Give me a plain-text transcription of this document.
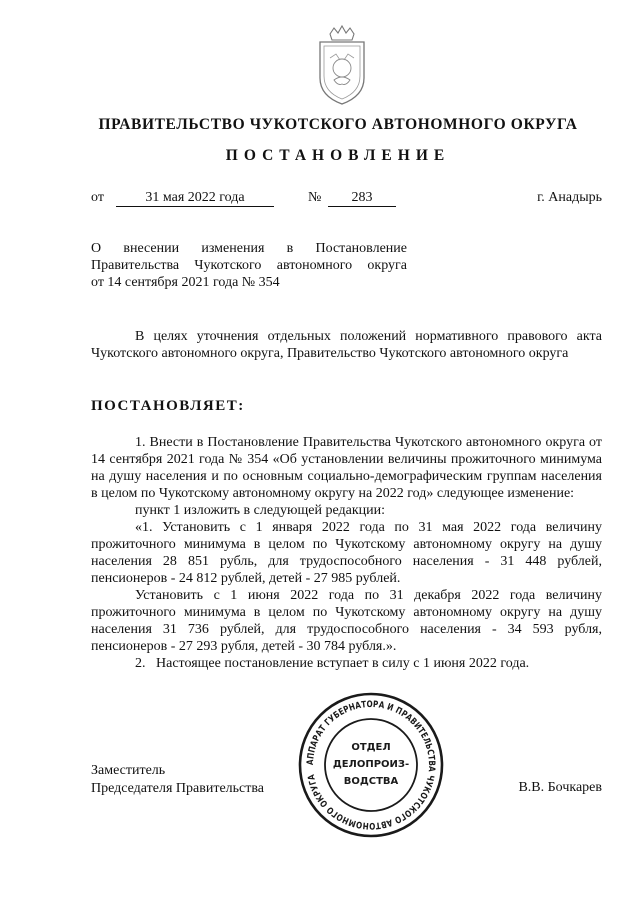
ПРАВИТЕЛЬСТВО ЧУКОТСКОГО АВТОНОМНОГО ОКРУГА
ПОСТАНОВЛЕНИЕ
от	31 мая 2022 года	№	283	г. Анадырь
О    внесении    изменения    в    Постановление
Правительства  Чукотского  автономного  округа
от 14 сентября 2021 года № 354
В целях уточнения отдельных положений нормативного правового акта Чукотского автономного округа, Правительство Чукотского автономного округа
ПОСТАНОВЛЯЕТ:
1. Внести в Постановление Правительства Чукотского автономного округа от 14 сентября 2021 года № 354 «Об установлении величины прожиточного минимума на душу населения и по основным социально-демографическим группам населения в целом по Чукотскому автономному округу на 2022 год» следующее изменение:
пункт 1 изложить в следующей редакции:
«1. Установить с 1 января 2022 года по 31 мая 2022 года величину прожиточного минимума в целом по Чукотскому автономному округу на душу населения 28 851 рубль, для трудоспособного населения - 31 448 рублей, пенсионеров - 24 812 рублей, детей - 27 985 рублей.
Установить с 1 июня 2022 года по 31 декабря 2022 года величину прожиточного минимума в целом по Чукотскому автономному округу на душу населения 31 736 рублей, для трудоспособного населения - 34 593 рубля, пенсионеров - 27 293 рубля, детей - 30 784 рубля.».
2.   Настоящее постановление вступает в силу с 1 июня 2022 года.
Заместитель
Председателя Правительства
АППАРАТ ГУБЕРНАТОРА И ПРАВИТЕЛЬСТВА ЧУКОТСКОГО АВТОНОМНОГО ОКРУГА
ОТДЕЛ
ДЕЛОПРОИЗ-
ВОДСТВА	В.В. Бочкарев
